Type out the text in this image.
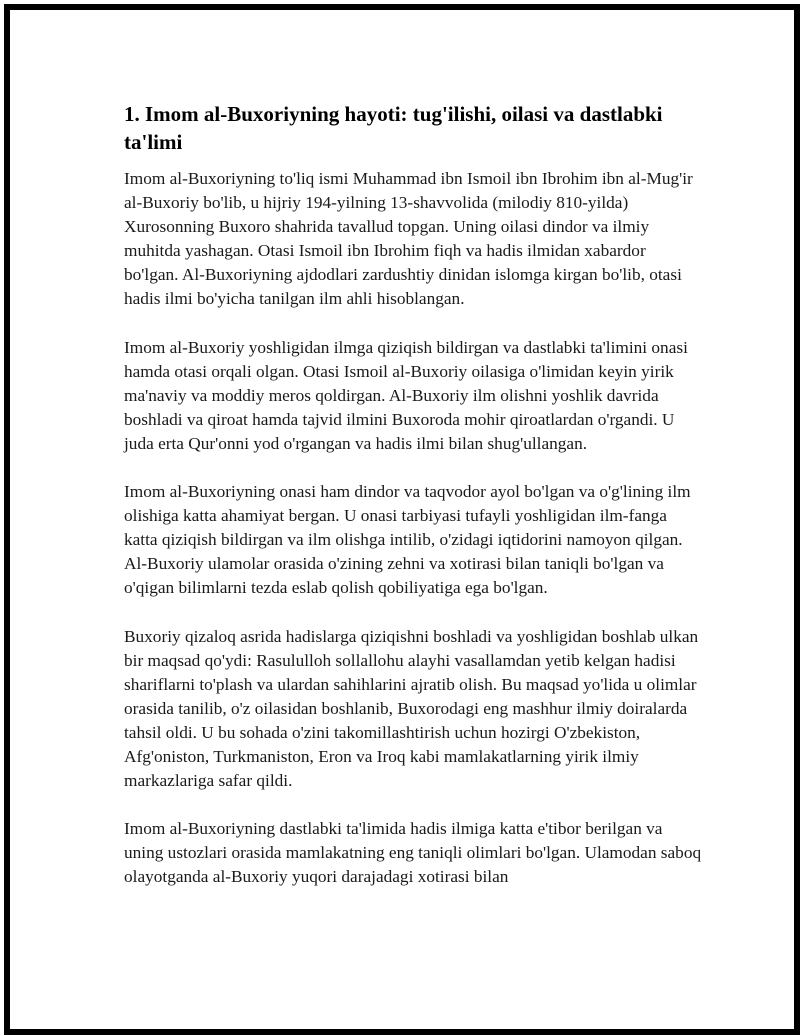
1. Imom al-Buxoriyning hayoti: tug'ilishi, oilasi va dastlabki ta'limi

Imom al-Buxoriyning to'liq ismi Muhammad ibn Ismoil ibn Ibrohim ibn al-Mug'ir al-Buxoriy bo'lib, u hijriy 194-yilning 13-shavvolida (milodiy 810-yilda) Xurosonning Buxoro shahrida tavallud topgan. Uning oilasi dindor va ilmiy muhitda yashagan. Otasi Ismoil ibn Ibrohim fiqh va hadis ilmidan xabardor bo'lgan. Al-Buxoriyning ajdodlari zardushtiy dinidan islomga kirgan bo'lib, otasi hadis ilmi bo'yicha tanilgan ilm ahli hisoblangan.

Imom al-Buxoriy yoshligidan ilmga qiziqish bildirgan va dastlabki ta'limini onasi hamda otasi orqali olgan. Otasi Ismoil al-Buxoriy oilasiga o'limidan keyin yirik ma'naviy va moddiy meros qoldirgan. Al-Buxoriy ilm olishni yoshlik davrida boshladi va qiroat hamda tajvid ilmini Buxoroda mohir qiroatlardan o'rgandi. U juda erta Qur'onni yod o'rgangan va hadis ilmi bilan shug'ullangan.

Imom al-Buxoriyning onasi ham dindor va taqvodor ayol bo'lgan va o'g'lining ilm olishiga katta ahamiyat bergan. U onasi tarbiyasi tufayli yoshligidan ilm-fanga katta qiziqish bildirgan va ilm olishga intilib, o'zidagi iqtidorini namoyon qilgan. Al-Buxoriy ulamolar orasida o'zining zehni va xotirasi bilan taniqli bo'lgan va o'qigan bilimlarni tezda eslab qolish qobiliyatiga ega bo'lgan.

Buxoriy qizaloq asrida hadislarga qiziqishni boshladi va yoshligidan boshlab ulkan bir maqsad qo'ydi: Rasululloh sollallohu alayhi vasallamdan yetib kelgan hadisi shariflarni to'plash va ulardan sahihlarini ajratib olish. Bu maqsad yo'lida u olimlar orasida tanilib, o'z oilasidan boshlanib, Buxorodagi eng mashhur ilmiy doiralarda tahsil oldi. U bu sohada o'zini takomillashtirish uchun hozirgi O'zbekiston, Afg'oniston, Turkmaniston, Eron va Iroq kabi mamlakatlarning yirik ilmiy markazlariga safar qildi.

Imom al-Buxoriyning dastlabki ta'limida hadis ilmiga katta e'tibor berilgan va uning ustozlari orasida mamlakatning eng taniqli olimlari bo'lgan. Ulamodan saboq olayotganda al-Buxoriy yuqori darajadagi xotirasi bilan
